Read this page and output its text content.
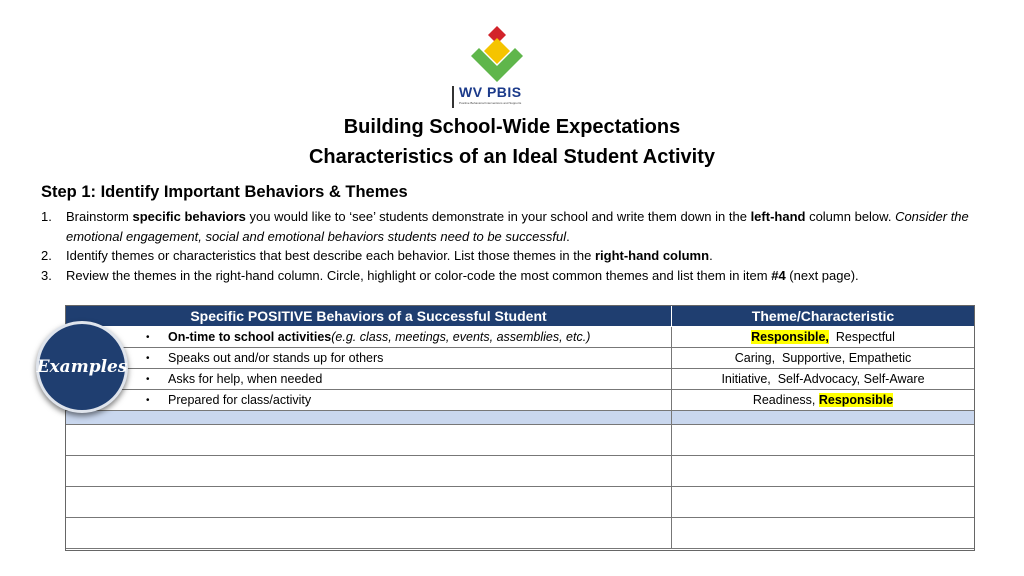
WV PBIS
Positive Behavioral Interventions and Supports
Building School-Wide Expectations
Characteristics of an Ideal Student Activity
Step 1: Identify Important Behaviors & Themes
1.	Brainstorm specific behaviors you would like to ‘see’ students demonstrate in your school and write them down in the left-hand column below. Consider the emotional engagement, social and emotional behaviors students need to be successful.
2.	Identify themes or characteristics that best describe each behavior. List those themes in the right-hand column.
3.	Review the themes in the right-hand column. Circle, highlight or color-code the most common themes and list them in item #4 (next page).
Specific POSITIVE Behaviors of a Successful Student	Theme/Characteristic
•	On-time to school activities (e.g. class, meetings, events, assemblies, etc.)	Responsible, Respectful
•	Speaks out and/or stands up for others	Caring,  Supportive, Empathetic
•	Asks for help, when needed	Initiative,  Self-Advocacy, Self-Aware
•	Prepared for class/activity	Readiness, Responsible
Examples
